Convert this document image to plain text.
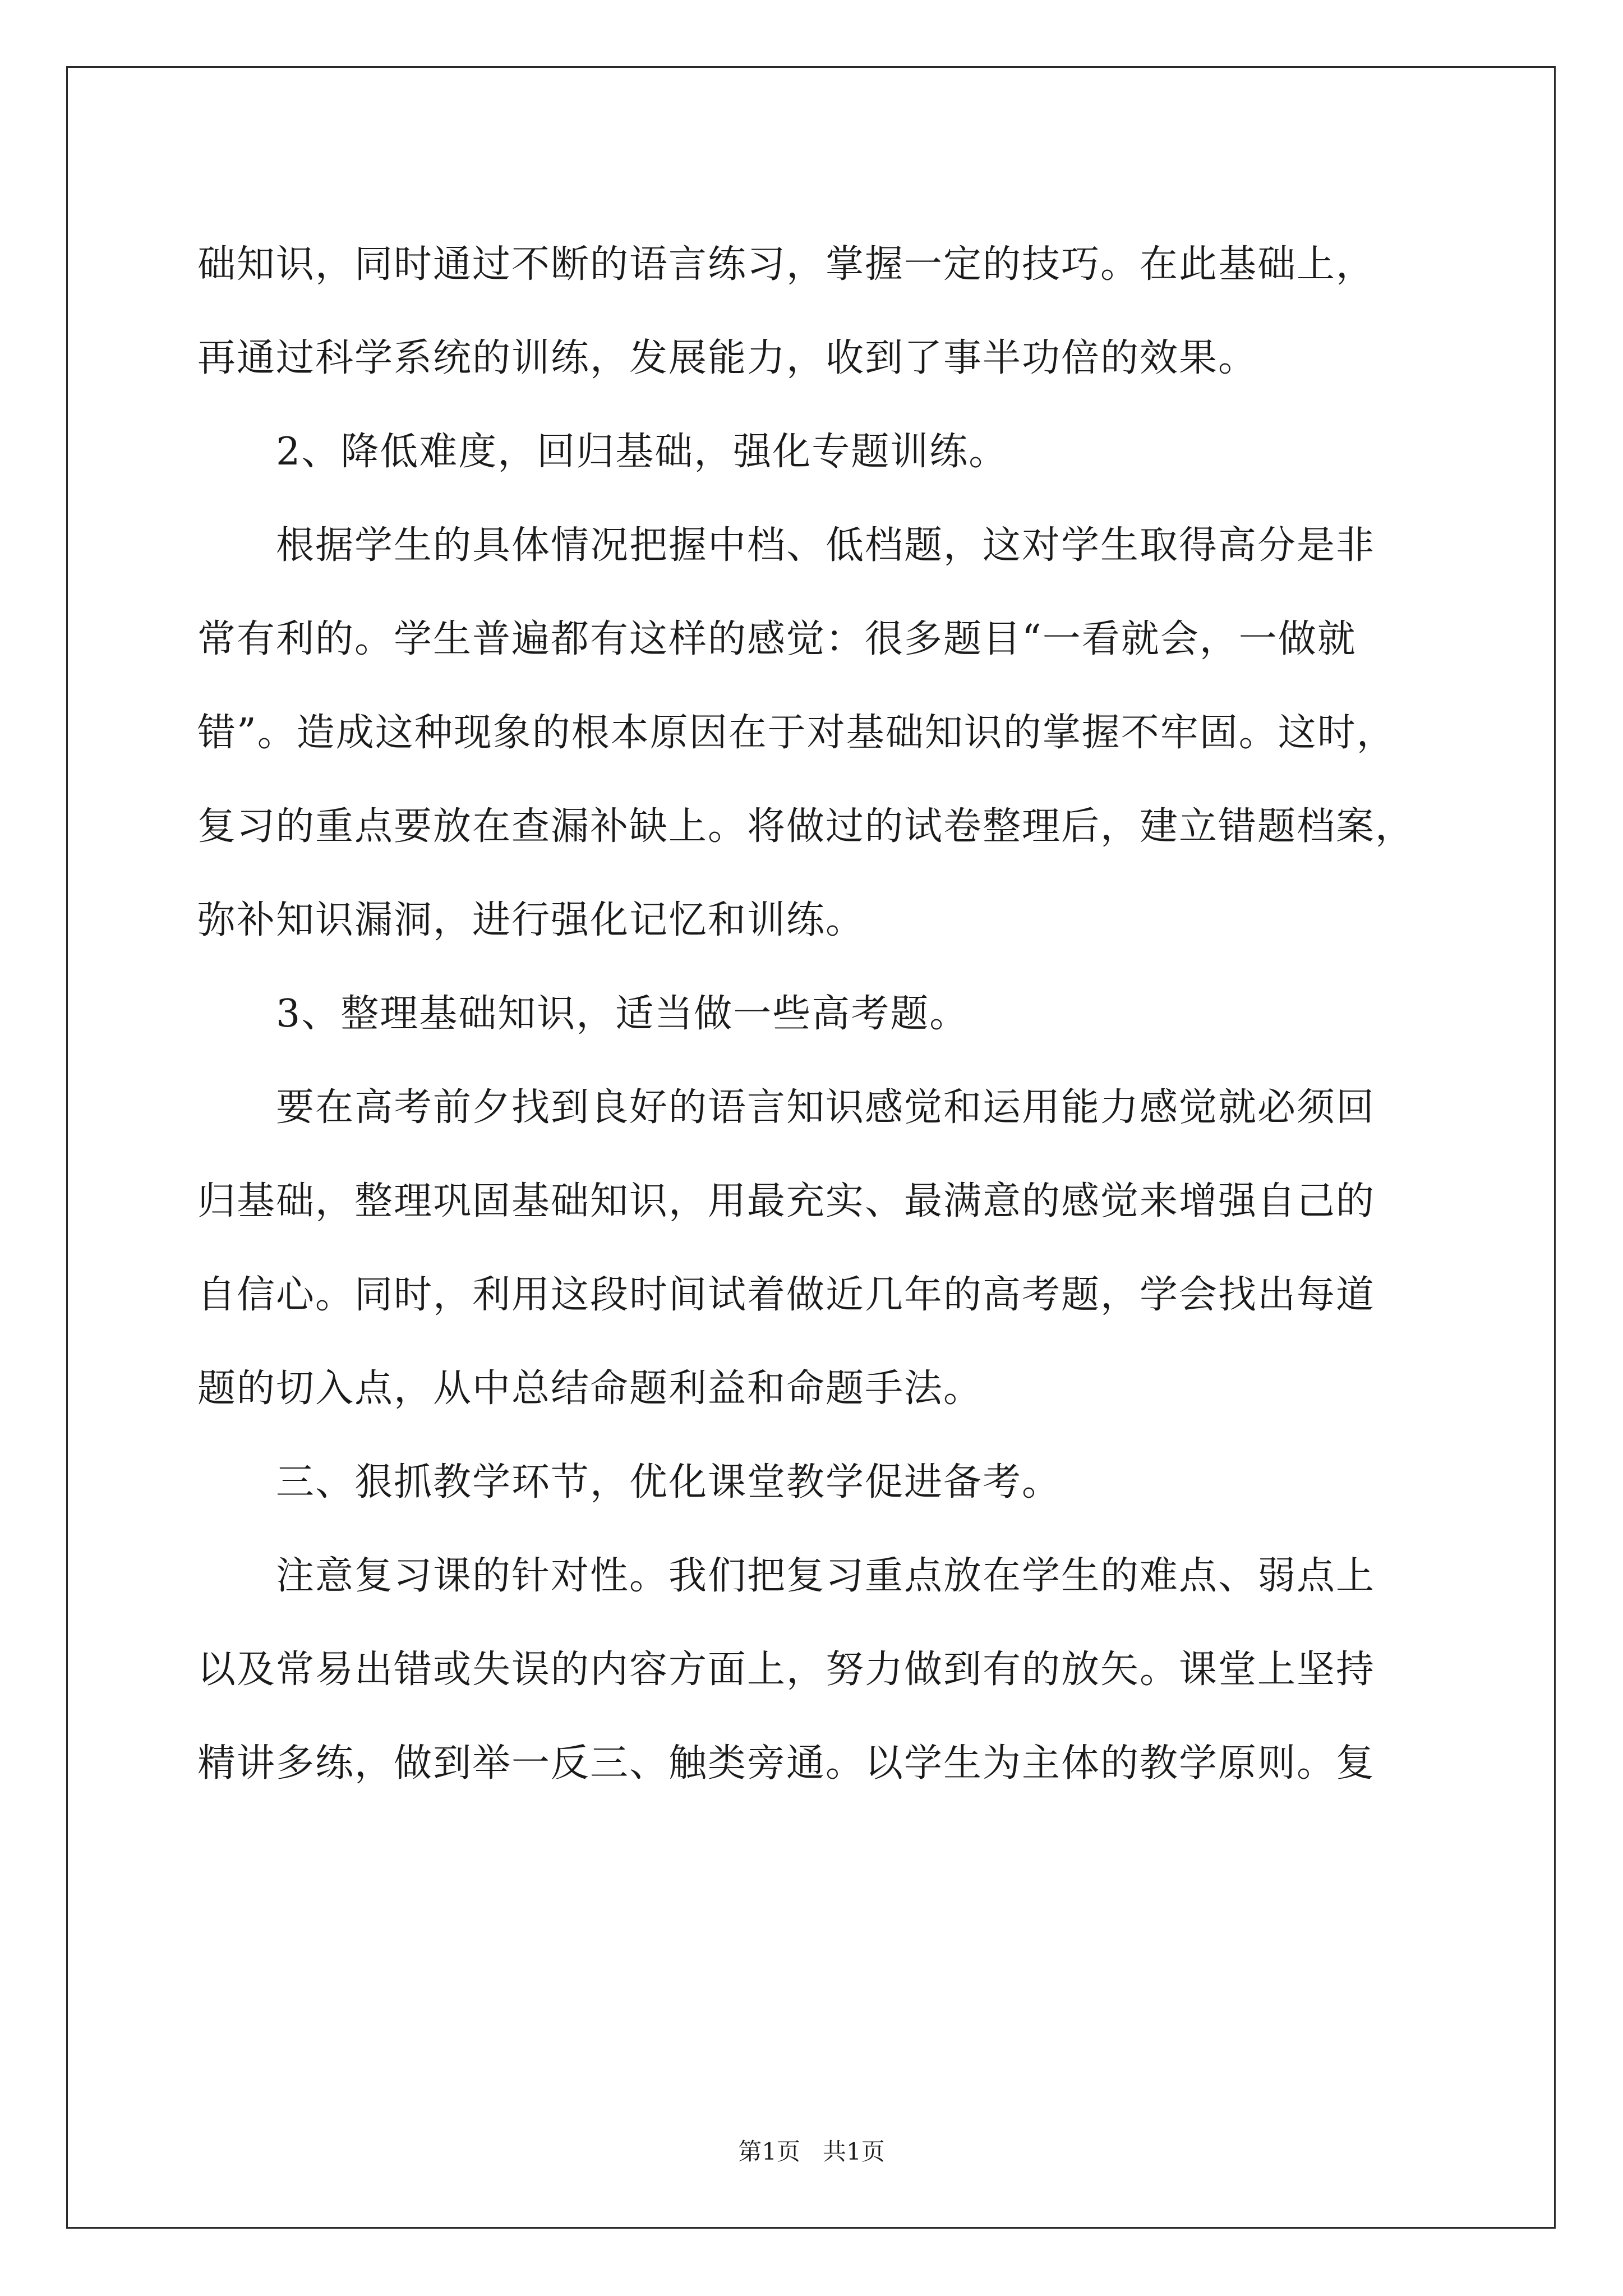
础知识，同时通过不断的语言练习，掌握一定的技巧。在此基础上，

再通过科学系统的训练，发展能力，收到了事半功倍的效果。

　　2、降低难度，回归基础，强化专题训练。

　　根据学生的具体情况把握中档、低档题，这对学生取得高分是非

常有利的。学生普遍都有这样的感觉：很多题目“一看就会，一做就

错”。造成这种现象的根本原因在于对基础知识的掌握不牢固。这时，

复习的重点要放在查漏补缺上。将做过的试卷整理后，建立错题档案，

弥补知识漏洞，进行强化记忆和训练。

　　3、整理基础知识，适当做一些高考题。

　　要在高考前夕找到良好的语言知识感觉和运用能力感觉就必须回

归基础，整理巩固基础知识，用最充实、最满意的感觉来增强自己的

自信心。同时，利用这段时间试着做近几年的高考题，学会找出每道

题的切入点，从中总结命题利益和命题手法。

　　三、狠抓教学环节，优化课堂教学促进备考。

　　注意复习课的针对性。我们把复习重点放在学生的难点、弱点上

以及常易出错或失误的内容方面上，努力做到有的放矢。课堂上坚持

精讲多练，做到举一反三、触类旁通。以学生为主体的教学原则。复

第1页 共1页
